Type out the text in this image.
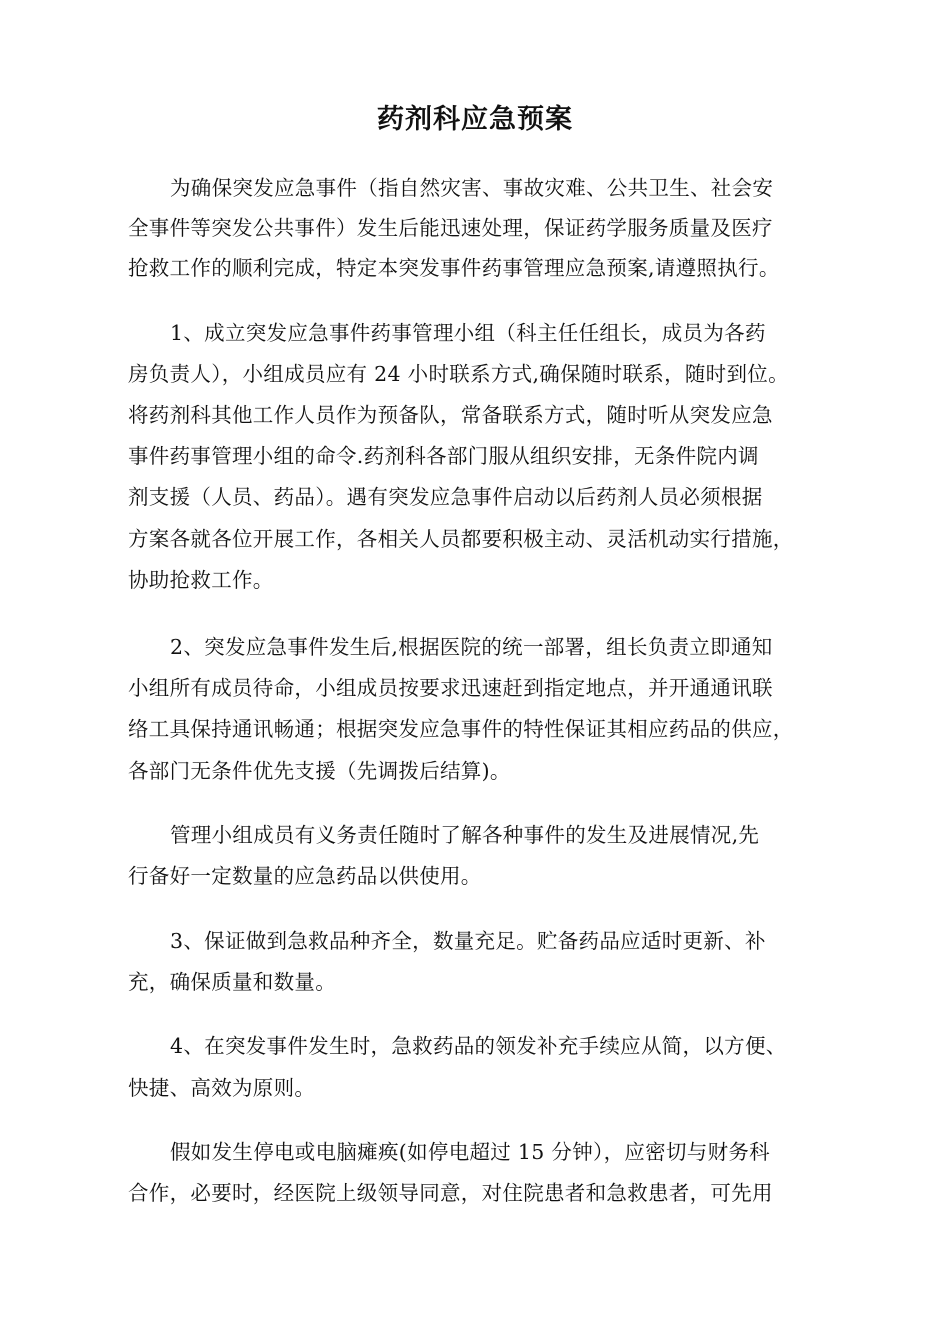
药剂科应急预案
为确保突发应急事件（指自然灾害、事故灾难、公共卫生、社会安
全事件等突发公共事件）发生后能迅速处理，保证药学服务质量及医疗
抢救工作的顺利完成，特定本突发事件药事管理应急预案,请遵照执行。
1、成立突发应急事件药事管理小组（科主任任组长，成员为各药
房负责人），小组成员应有 24 小时联系方式,确保随时联系，随时到位。
将药剂科其他工作人员作为预备队，常备联系方式，随时听从突发应急
事件药事管理小组的命令.药剂科各部门服从组织安排，无条件院内调
剂支援（人员、药品）。遇有突发应急事件启动以后药剂人员必须根据
方案各就各位开展工作，各相关人员都要积极主动、灵活机动实行措施，
协助抢救工作。
2、突发应急事件发生后,根据医院的统一部署，组长负责立即通知
小组所有成员待命，小组成员按要求迅速赶到指定地点，并开通通讯联
络工具保持通讯畅通；根据突发应急事件的特性保证其相应药品的供应，
各部门无条件优先支援（先调拨后结算)。
管理小组成员有义务责任随时了解各种事件的发生及进展情况,先
行备好一定数量的应急药品以供使用。
3、保证做到急救品种齐全，数量充足。贮备药品应适时更新、补
充，确保质量和数量。
4、在突发事件发生时，急救药品的领发补充手续应从简，以方便、
快捷、高效为原则。
假如发生停电或电脑瘫痪(如停电超过 15 分钟），应密切与财务科
合作，必要时，经医院上级领导同意，对住院患者和急救患者，可先用
